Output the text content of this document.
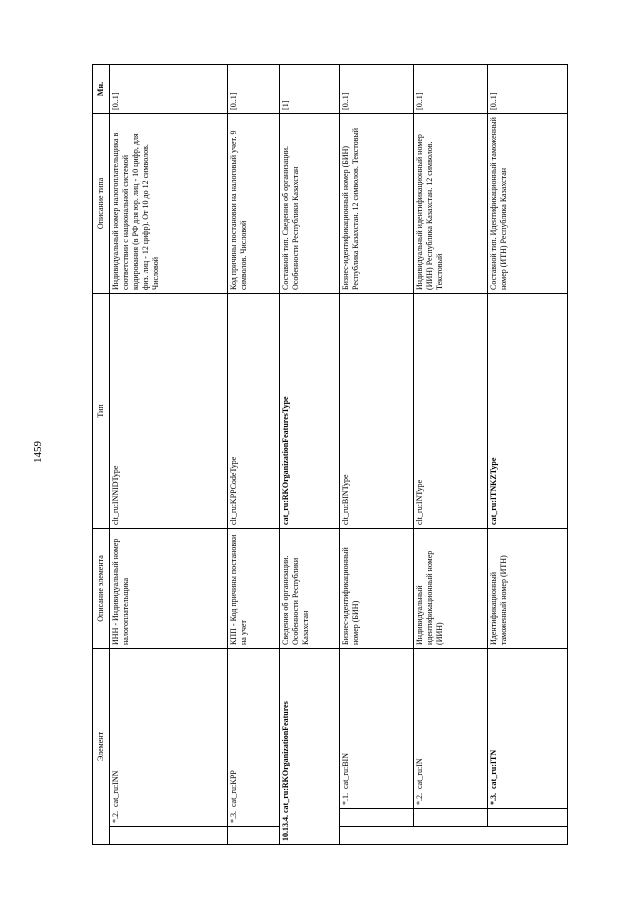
1459
Элемент			Описание элемента	Тип	Описание типа	Мн.
	*.2.cat_ru:INN		ИНН - Индивидуальный номер налогоплательщика	clt_ru:INNIDType	Индивидуальный номер налогоплательщика в соответствии с национальной системой кодирования (в РФ для юр. лиц - 10 цифр, для физ. лиц - 12 цифр). От 10 до 12 символов. Числовой	[0..1]
	*.3.cat_ru:KPP		КПП - Код причины постановки на учет	clt_ru:KPPCodeType	Код причины постановки на налоговый учет. 9 символов. Числовой	[0..1]
10.13.4.cat_ru:RKOrganizationFeatures			Сведения об организации. Особенности Республики Казахстан	cat_ru:RKOrganizationFeaturesType	Составной тип. Сведения об организации. Особенности Республики Казахстан	[1]
		*.1.cat_ru:BIN	Бизнес-идентификационный номер (БИН)	clt_ru:BINType	Бизнес-идентификационный номер (БИН) Республика Казахстан. 12 символов. Текстовый	[0..1]
		*.2.cat_ru:IN	Индивидуальный идентификационный номер (ИИН)	clt_ru:INType	Индивидуальный идентификационный номер (ИИН) Республика Казахстан. 12 символов. Текстовый	[0..1]
		*.3.cat_ru:ITN	Идентификационный таможенный номер (ИТН)	cat_ru:ITNKZType	Составной тип. Идентификационный таможенный номер (ИТН) Республика Казахстан	[0..1]
